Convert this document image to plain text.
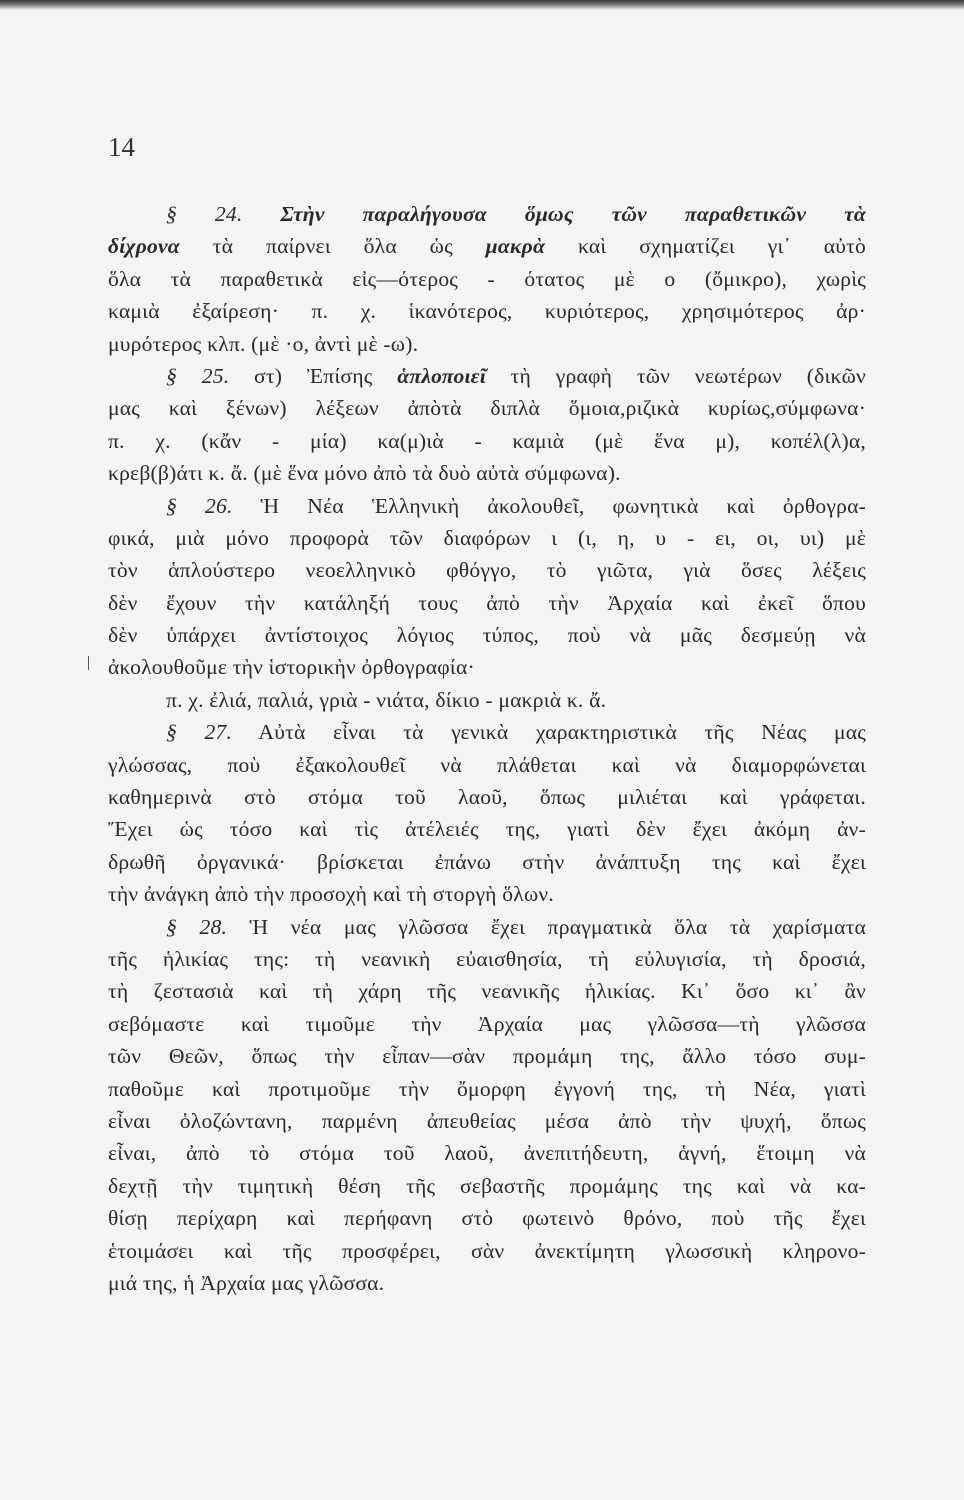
14
§ 24. Στὴν παραλήγουσα ὅμως τῶν παραθετικῶν τὰ
δίχρονα τὰ παίρνει ὅλα ὡς μακρὰ καὶ σχηματίζει γι᾿ αὐτὸ
ὅλα τὰ παραθετικὰ εἰς—ότερος - ότατος μὲ ο (ὄμικρο), χωρὶς
καμιὰ ἐξαίρεση· π. χ. ἱκανότερος, κυριότερος, χρησιμότερος ἀρ·
μυρότερος κλπ. (μὲ ·ο, ἀντὶ μὲ -ω).
§ 25. στ) Ἐπίσης ἁπλοποιεῖ τὴ γραφὴ τῶν νεωτέρων (δικῶν
μας καὶ ξένων) λέξεων ἀπὸτὰ διπλὰ ὅμοια,ριζικὰ κυρίως,σύμφωνα·
π. χ. (κἄν - μία) κα(μ)ιὰ - καμιὰ (μὲ ἕνα μ), κοπέλ(λ)α,
κρεβ(β)άτι κ. ἄ. (μὲ ἕνα μόνο ἀπὸ τὰ δυὸ αὐτὰ σύμφωνα).
§ 26. Ἡ Νέα Ἑλληνικὴ ἀκολουθεῖ, φωνητικὰ καὶ ὀρθογρα-
φικά, μιὰ μόνο προφορὰ τῶν διαφόρων ι (ι, η, υ - ει, οι, υι) μὲ
τὸν ἁπλούστερο νεοελληνικὸ φθόγγο, τὸ γιῶτα, γιὰ ὅσες λέξεις
δὲν ἔχουν τὴν κατάληξή τους ἀπὸ τὴν Ἀρχαία καὶ ἐκεῖ ὅπου
δὲν ὑπάρχει ἀντίστοιχος λόγιος τύπος, ποὺ νὰ μᾶς δεσμεύῃ νὰ
ἀκολουθοῦμε τὴν ἱστορικὴν ὀρθογραφία·
π. χ. ἐλιά, παλιά, γριὰ - νιάτα, δίκιο - μακριὰ κ. ἄ.
§ 27. Αὐτὰ εἶναι τὰ γενικὰ χαρακτηριστικὰ τῆς Νέας μας
γλώσσας, ποὺ ἐξακολουθεῖ νὰ πλάθεται καὶ νὰ διαμορφώνεται
καθημερινὰ στὸ στόμα τοῦ λαοῦ, ὅπως μιλιέται καὶ γράφεται.
Ἔχει ὡς τόσο καὶ τὶς ἀτέλειές της, γιατὶ δὲν ἔχει ἀκόμη ἀν-
δρωθῆ ὀργανικά· βρίσκεται ἐπάνω στὴν ἀνάπτυξη της καὶ ἔχει
τὴν ἀνάγκη ἀπὸ τὴν προσοχὴ καὶ τὴ στοργὴ ὅλων.
§ 28. Ἡ νέα μας γλῶσσα ἔχει πραγματικὰ ὅλα τὰ χαρίσματα
τῆς ἡλικίας της: τὴ νεανικὴ εὐαισθησία, τὴ εὐλυγισία, τὴ δροσιά,
τὴ ζεστασιὰ καὶ τὴ χάρη τῆς νεανικῆς ἡλικίας. Κι᾿ ὅσο κι᾿ ἂν
σεβόμαστε καὶ τιμοῦμε τὴν Ἀρχαία μας γλῶσσα—τὴ γλῶσσα
τῶν Θεῶν, ὅπως τὴν εἶπαν—σὰν προμάμη της, ἄλλο τόσο συμ-
παθοῦμε καὶ προτιμοῦμε τὴν ὄμορφη ἐγγονή της, τὴ Νέα, γιατὶ
εἶναι ὁλοζώντανη, παρμένη ἀπευθείας μέσα ἀπὸ τὴν ψυχή, ὅπως
εἶναι, ἀπὸ τὸ στόμα τοῦ λαοῦ, ἀνεπιτήδευτη, ἁγνή, ἕτοιμη νὰ
δεχτῇ τὴν τιμητικὴ θέση τῆς σεβαστῆς προμάμης της καὶ νὰ κα-
θίσῃ περίχαρη καὶ περήφανη στὸ φωτεινὸ θρόνο, ποὺ τῆς ἔχει
ἑτοιμάσει καὶ τῆς προσφέρει, σὰν ἀνεκτίμητη γλωσσικὴ κληρονο-
μιά της, ἡ Ἀρχαία μας γλῶσσα.
